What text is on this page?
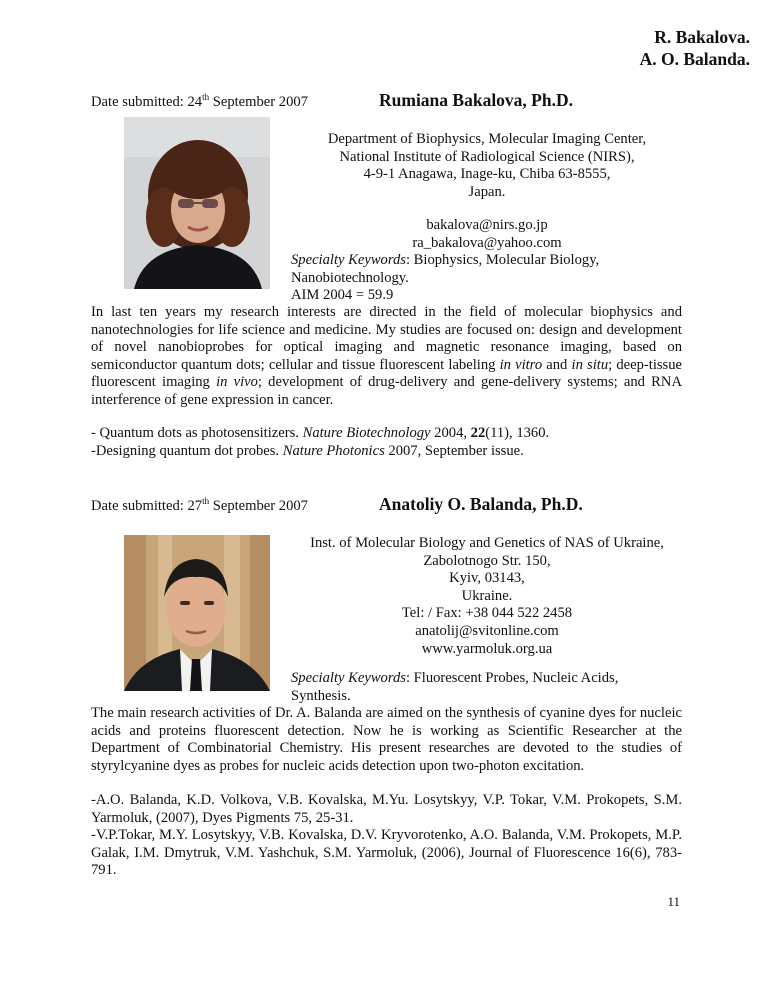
R. Bakalova.
A. O. Balanda.
Date submitted: 24th September 2007	Rumiana Bakalova, Ph.D.
Department of Biophysics, Molecular Imaging Center,
National Institute of Radiological Science (NIRS),
4-9-1 Anagawa, Inage-ku, Chiba 63-8555,
Japan.
bakalova@nirs.go.jp
ra_bakalova@yahoo.com
Specialty Keywords: Biophysics, Molecular Biology,
Nanobiotechnology.
AIM 2004 = 59.9
In last ten years my research interests are directed in the field of molecular biophysics and nanotechnologies for life science and medicine. My studies are focused on: design and development of novel nanobioprobes for optical imaging and magnetic resonance imaging, based on semiconductor quantum dots; cellular and tissue fluorescent labeling in vitro and in situ; deep-tissue fluorescent imaging in vivo; development of drug-delivery and gene-delivery systems; and RNA interference of gene expression in cancer.
- Quantum dots as photosensitizers. Nature Biotechnology 2004, 22(11), 1360.
-Designing quantum dot probes. Nature Photonics 2007, September issue.
Date submitted: 27th September 2007	Anatoliy O. Balanda, Ph.D.
Inst. of Molecular Biology and Genetics of NAS of Ukraine,
Zabolotnogo Str. 150,
Kyiv, 03143,
Ukraine.
Tel: / Fax: +38 044 522 2458
anatolij@svitonline.com
www.yarmoluk.org.ua
Specialty Keywords: Fluorescent Probes, Nucleic Acids,
Synthesis.
The main research activities of Dr. A. Balanda are aimed on the synthesis of cyanine dyes for nucleic acids and proteins fluorescent detection. Now he is working as Scientific Researcher at the Department of Combinatorial Chemistry. His present researches are devoted to the studies of styrylcyanine dyes as probes for nucleic acids detection upon two-photon excitation.
-A.O. Balanda, K.D. Volkova, V.B. Kovalska, M.Yu. Losytskyy, V.P. Tokar, V.M. Prokopets, S.M. Yarmoluk, (2007), Dyes Pigments 75, 25-31.
-V.P.Tokar, M.Y. Losytskyy, V.B. Kovalska, D.V. Kryvorotenko, A.O. Balanda, V.M. Prokopets, M.P. Galak, I.M. Dmytruk, V.M. Yashchuk, S.M. Yarmoluk, (2006), Journal of Fluorescence 16(6), 783-791.
11
